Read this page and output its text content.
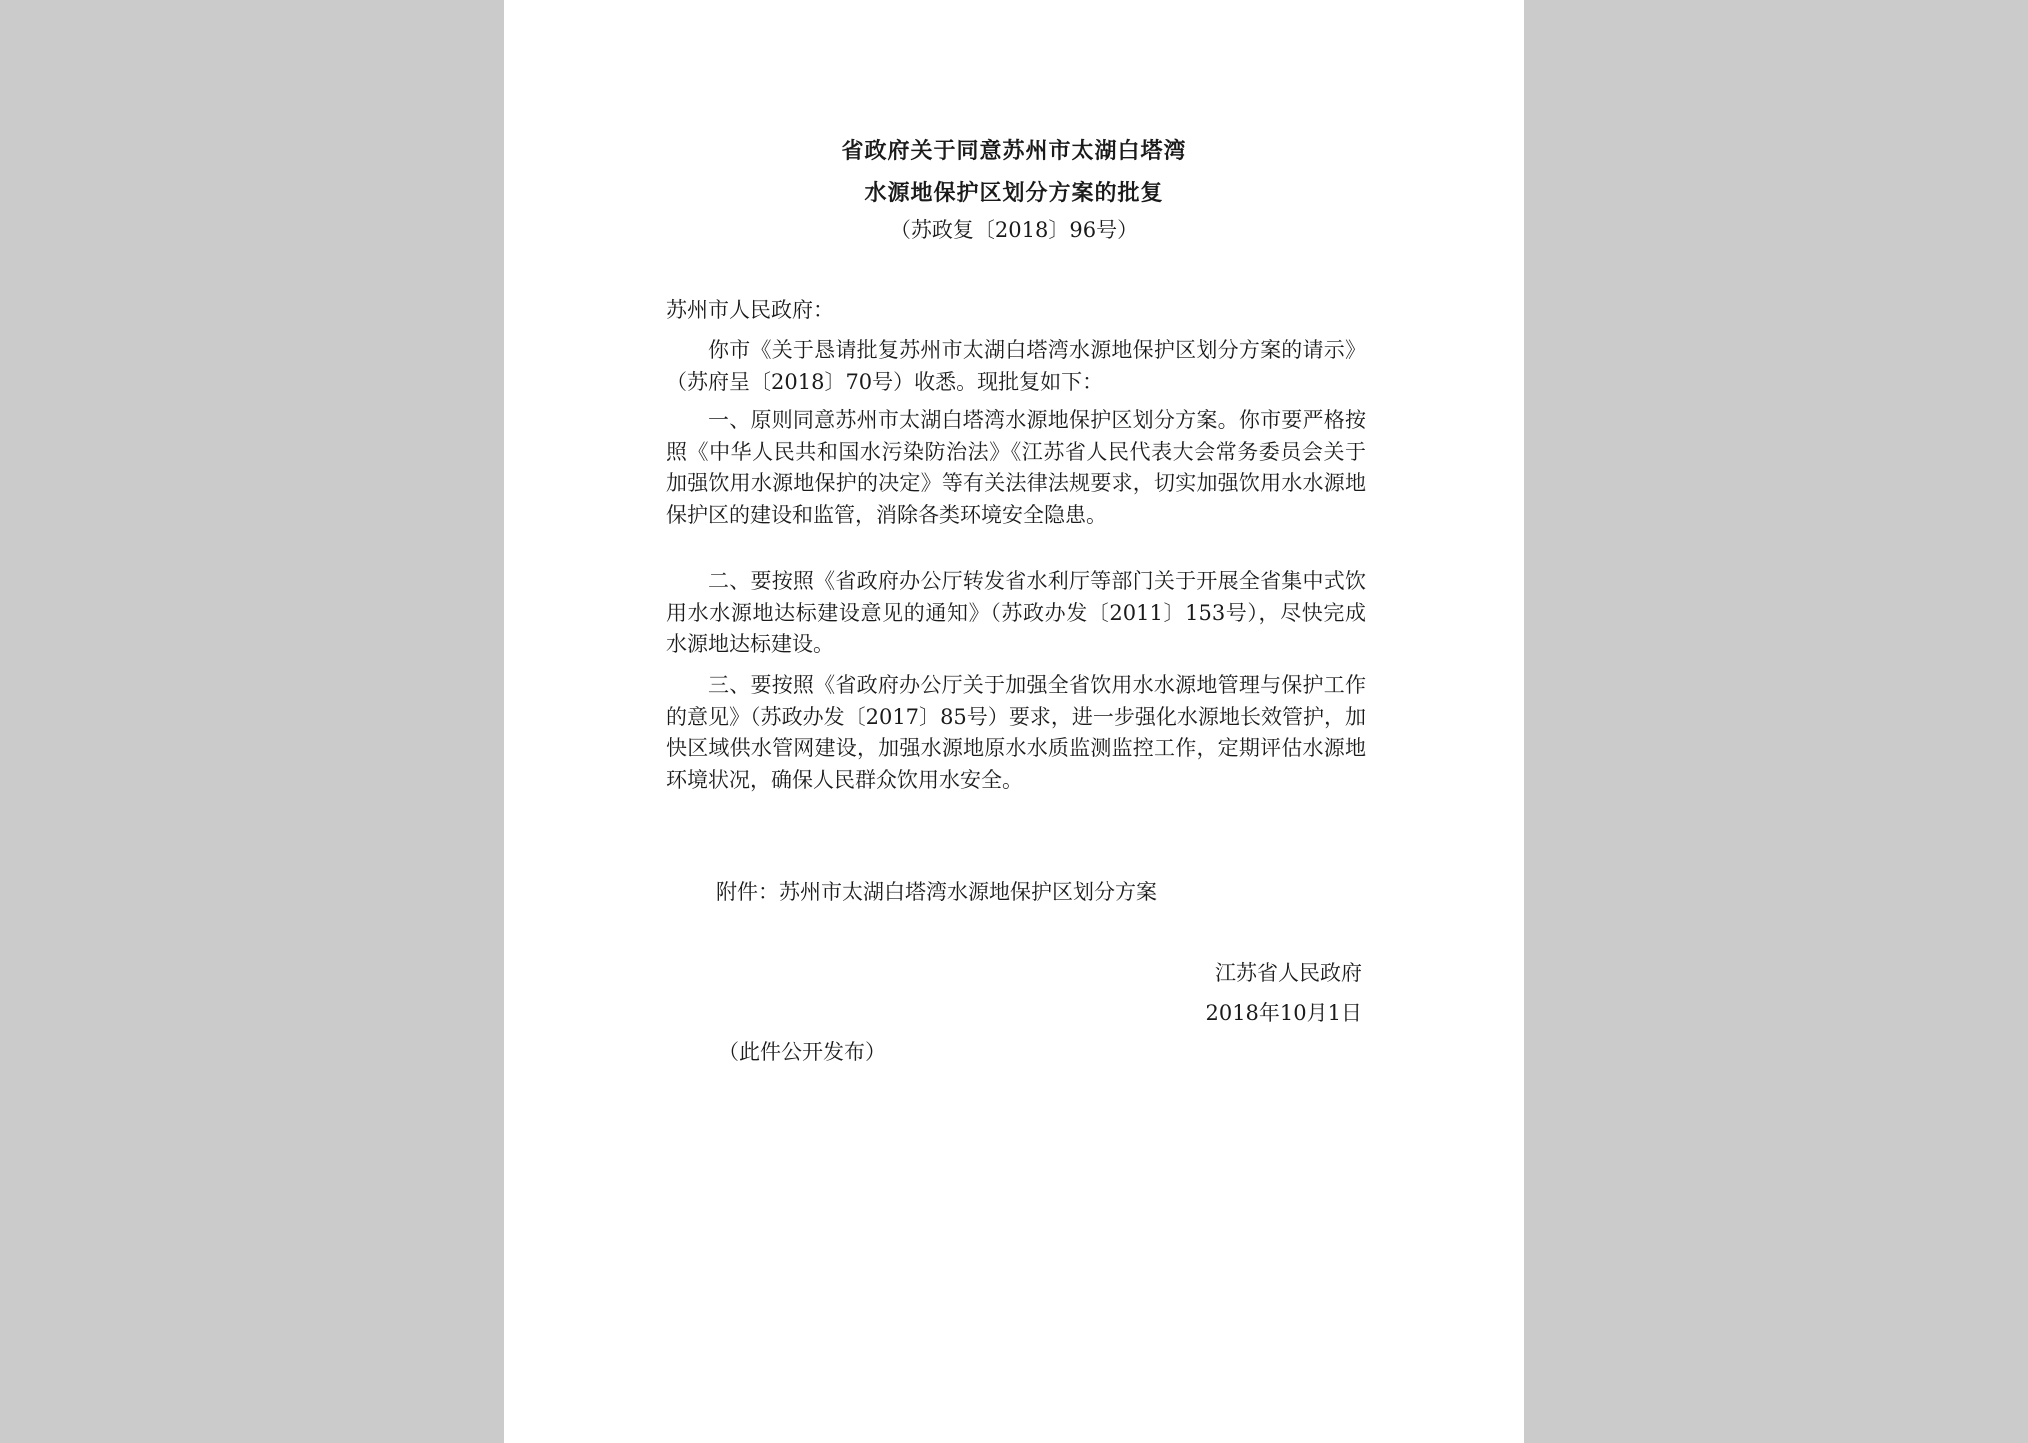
省政府关于同意苏州市太湖白塔湾
水源地保护区划分方案的批复
（苏政复〔2018〕96号）
苏州市人民政府：

你市《关于恳请批复苏州市太湖白塔湾水源地保护区划分方案的请示》（苏府呈〔2018〕70号）收悉。现批复如下：

一、原则同意苏州市太湖白塔湾水源地保护区划分方案。你市要严格按照《中华人民共和国水污染防治法》《江苏省人民代表大会常务委员会关于加强饮用水源地保护的决定》等有关法律法规要求，切实加强饮用水水源地保护区的建设和监管，消除各类环境安全隐患。

二、要按照《省政府办公厅转发省水利厅等部门关于开展全省集中式饮用水水源地达标建设意见的通知》（苏政办发〔2011〕153号），尽快完成水源地达标建设。

三、要按照《省政府办公厅关于加强全省饮用水水源地管理与保护工作的意见》（苏政办发〔2017〕85号）要求，进一步强化水源地长效管护，加快区域供水管网建设，加强水源地原水水质监测监控工作，定期评估水源地环境状况，确保人民群众饮用水安全。

附件：苏州市太湖白塔湾水源地保护区划分方案
江苏省人民政府
2018年10月1日
（此件公开发布）
